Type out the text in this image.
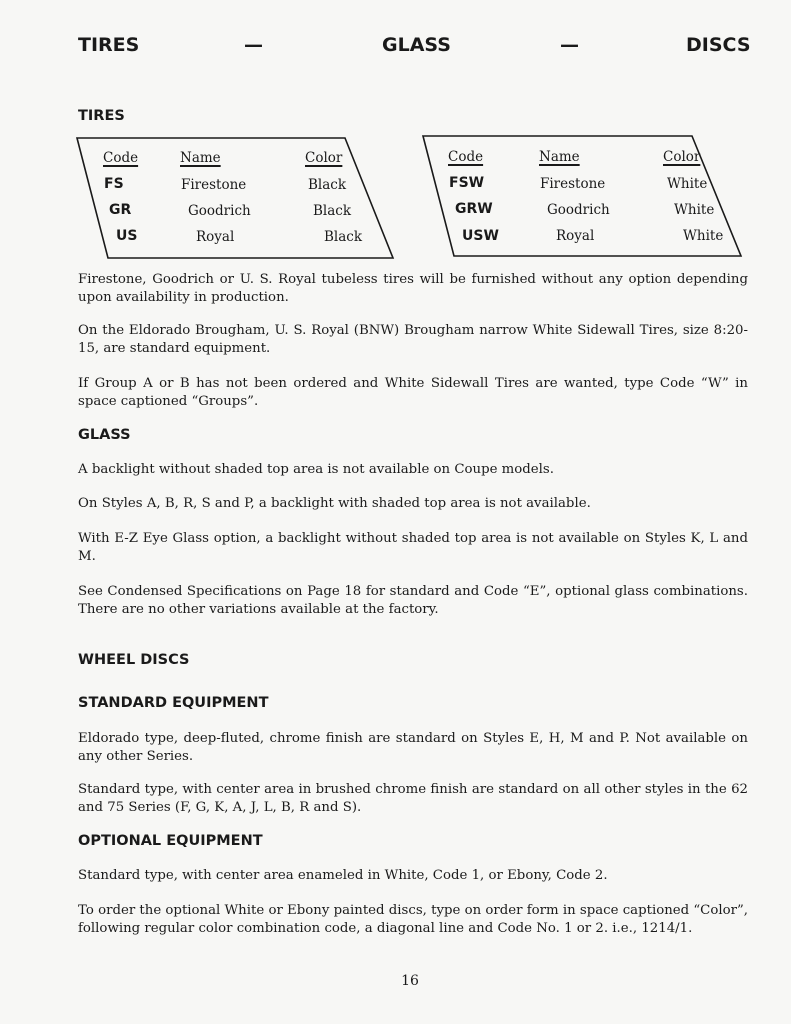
TIRES	—	GLASS	—	DISCS
TIRES
Code	Name	Color
FS	Firestone	Black
GR	Goodrich	Black
US	Royal	Black
Code	Name	Color
FSW	Firestone	White
GRW	Goodrich	White
USW	Royal	White
Firestone, Goodrich or U. S. Royal tubeless tires will be furnished without any option depending upon availability in production.
On the Eldorado Brougham, U. S. Royal (BNW) Brougham narrow White Sidewall Tires, size 8:20-15, are standard equipment.
If Group A or B has not been ordered and White Sidewall Tires are wanted, type Code “W” in space captioned “Groups”.
GLASS
A backlight without shaded top area is not available on Coupe models.
On Styles A, B, R, S and P, a backlight with shaded top area is not available.
With E-Z Eye Glass option, a backlight without shaded top area is not available on Styles K, L and M.
See Condensed Specifications on Page 18 for standard and Code “E”, optional glass combinations. There are no other variations available at the factory.
WHEEL DISCS
STANDARD EQUIPMENT
Eldorado type, deep-fluted, chrome finish are standard on Styles E, H, M and P. Not available on any other Series.
Standard type, with center area in brushed chrome finish are standard on all other styles in the 62 and 75 Series (F, G, K, A, J, L, B, R and S).
OPTIONAL EQUIPMENT
Standard type, with center area enameled in White, Code 1, or Ebony, Code 2.
To order the optional White or Ebony painted discs, type on order form in space captioned “Color”, following regular color combination code, a diagonal line and Code No. 1 or 2. i.e., 1214/1.
16
